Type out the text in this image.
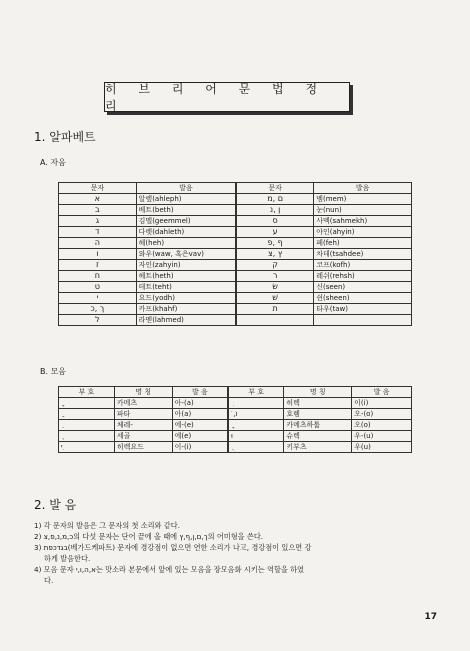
히 브 리 어 문 법 정 리
1. 알파베트
A. 자음
문자	발음	문자	발음
א	알렢(ahleph)	ם ,מ	멤(mem)
ב	베트(beth)	ן ,נ	눈(nun)
ג	김멜(geemmel)	ס	사멕(sahmekh)
ד	다렛(dahleth)	ע	아인(ahyin)
ה	헤(heh)	ף ,פ	페(feh)
ו	와우(waw, 혹은vav)	ץ ,צ	차데(tsahdee)
ז	자인(zahyin)	ק	코프(kofh)
ח	헤트(heth)	ר	레쉬(rehsh)
ט	테트(teht)	שׂ	신(seen)
י	요드(yodh)	שׁ	쉰(sheen)
ך ,כ	카프(khahf)	ת	타우(taw)
ל	라멛(lahmed)		
B. 모음
부 호	명 칭	발 음	부 호	명 칭	발 음
	카메츠	아-(a)		히렉	이(i)
	파타	아(a)	ֹ ,וֹ	호렘	오-(o)
	체레-	에-(e)		카메츠하툽	오(o)
	세골	에(e)	וּ	슈렉	우-(u)
ִי	히렉요드	이-(i)		키부츠	우(u)
2. 발 음
1) 각 문자의 발음은 그 문자의 첫 소리와 같다.
2) כ,מ,נ,פ,צ의 다섯 문자는 단어 끝에 올 때에 ך,ם,ן,ף,ץ의 어미형을 쓴다.
3) בגדכפת(베가드케파트) 문자에 경강점이 없으면 연한 소리가 나고, 경강점이 있으면 강
하게 발음한다.
4) 모음 문자 א,ה,ו,י는 맛소라 본문에서 앞에 있는 모음을 장모음화 시키는 역할을 하였
다.
17
